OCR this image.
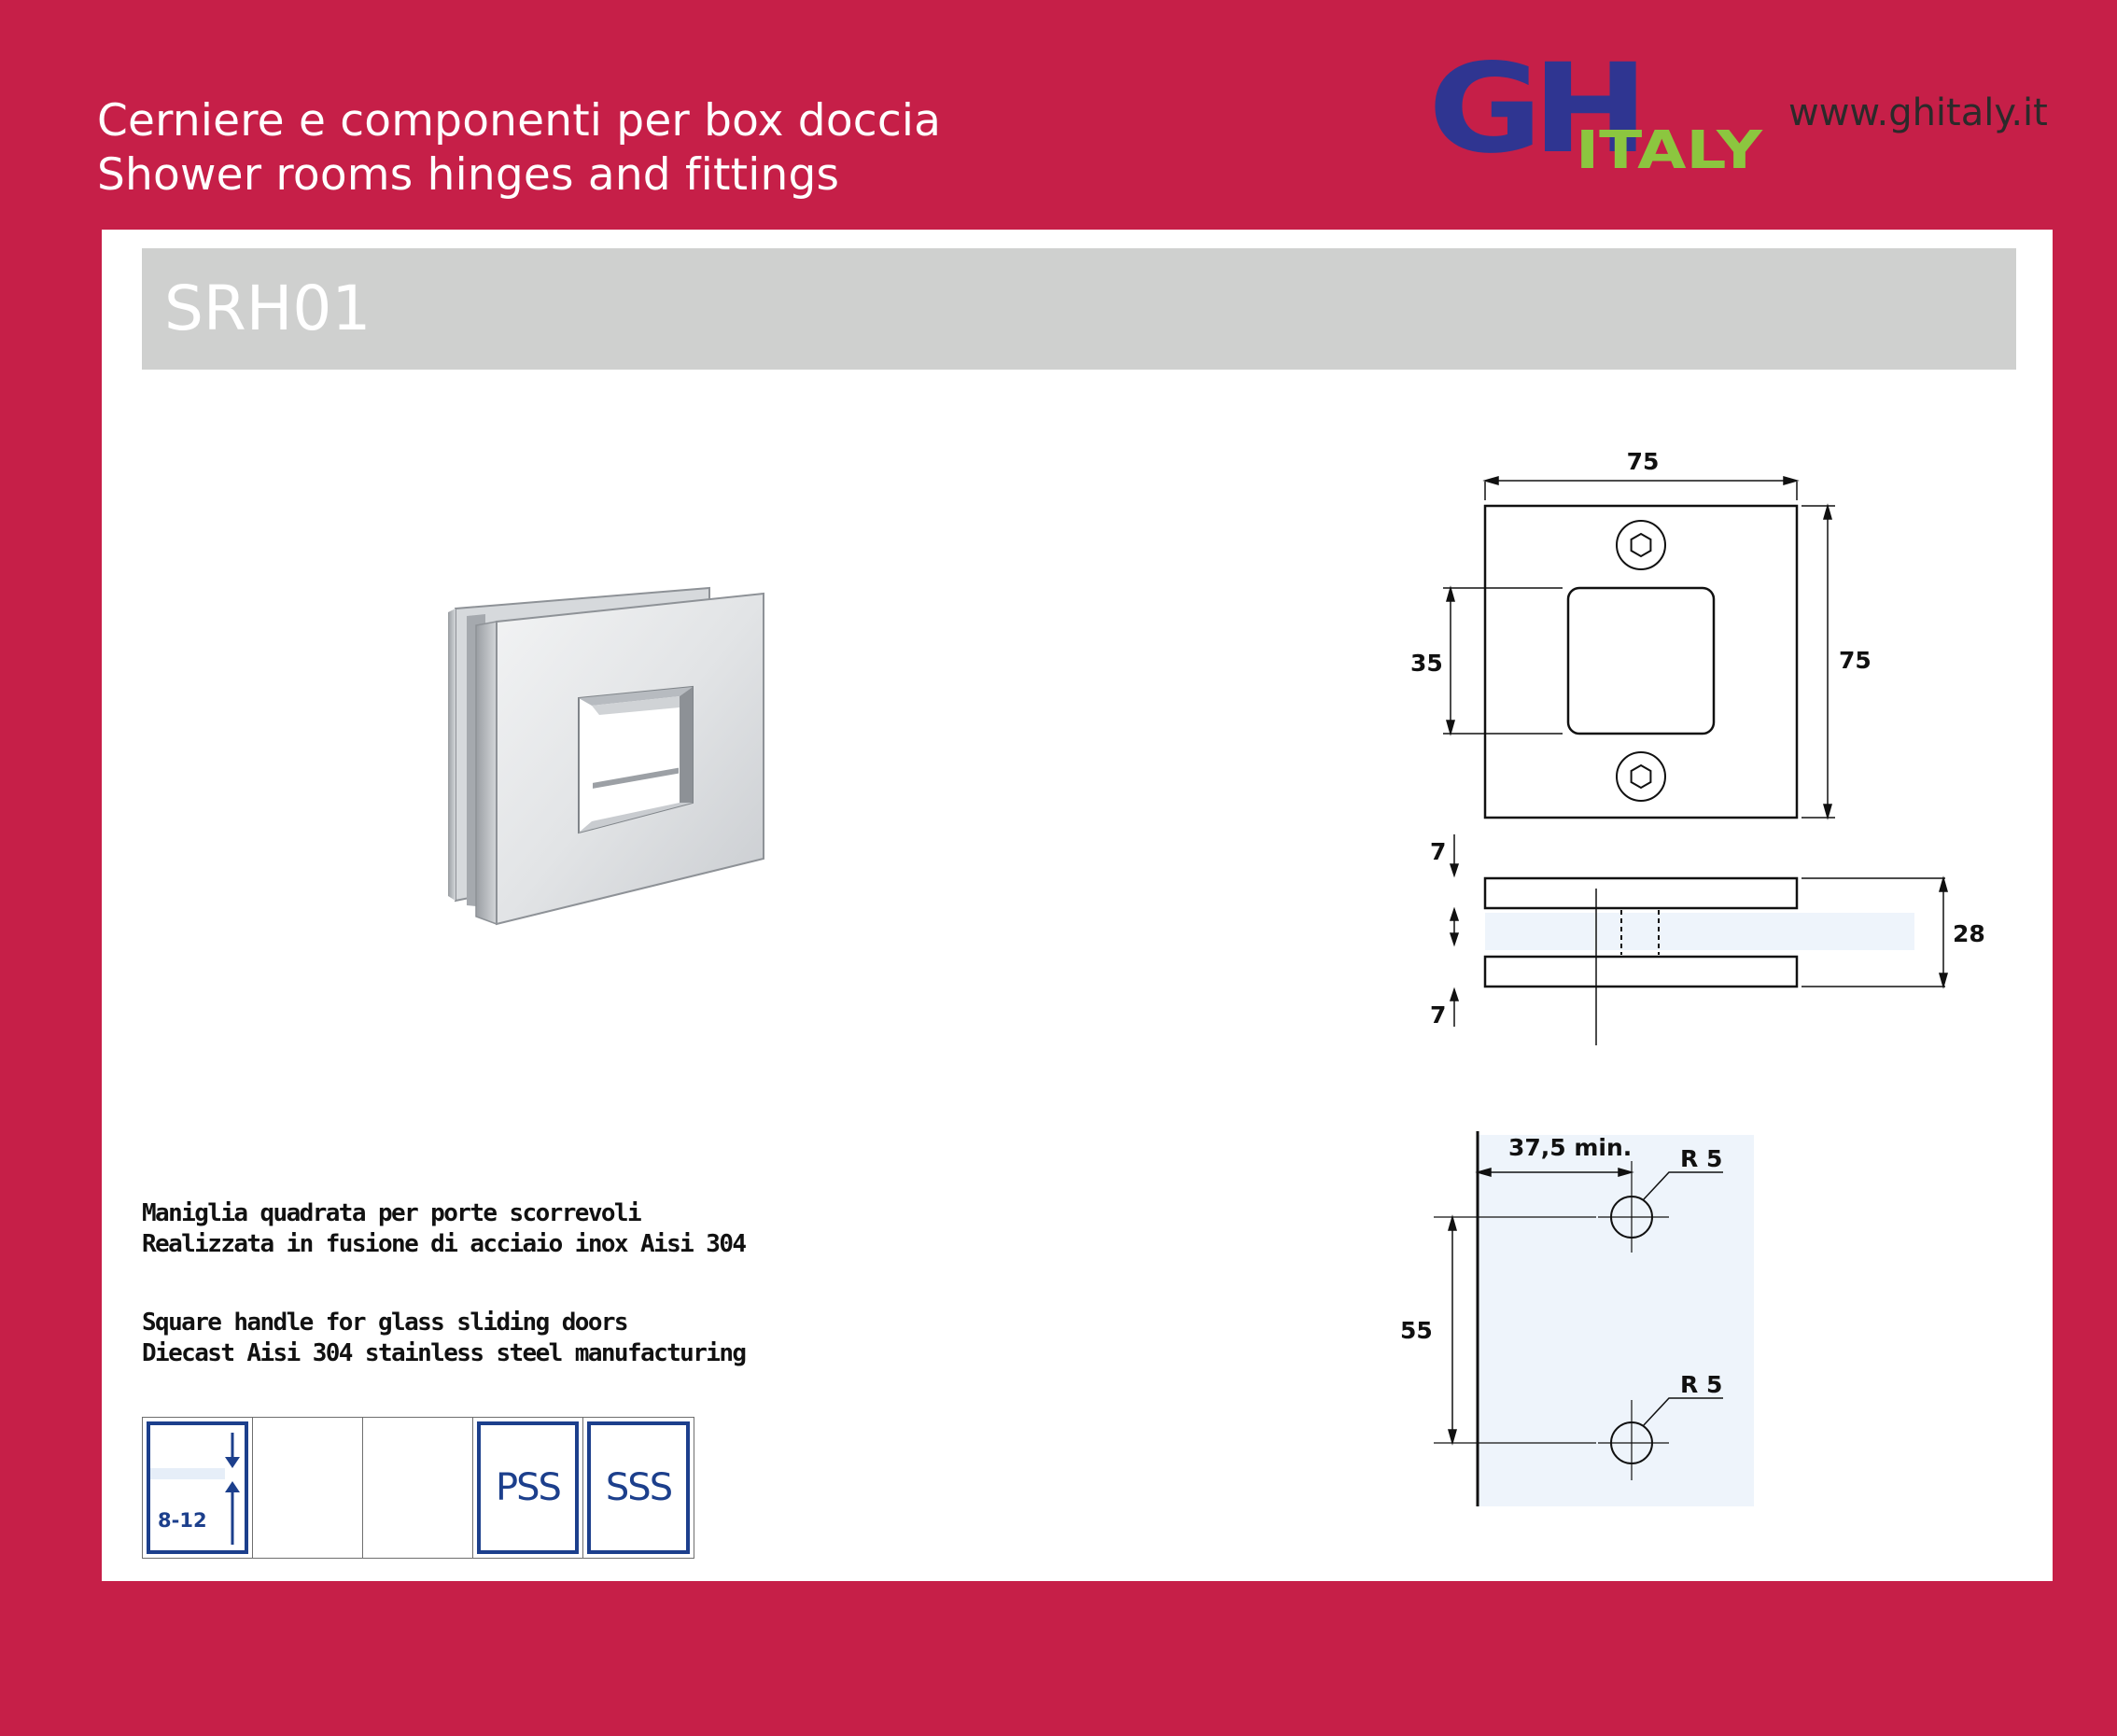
Cerniere e componenti per box doccia
Shower rooms hinges and fittings	GH
ITALY
www.ghitaly.it
SRH01
75
75
35
28
7
7
37,5 min. R 5
R 5
55
Maniglia quadrata per porte scorrevoli
Realizzata in fusione di acciaio inox Aisi 304
Square handle for glass sliding doors
Diecast Aisi 304 stainless steel manufacturing
8-12
PSS	SSS
